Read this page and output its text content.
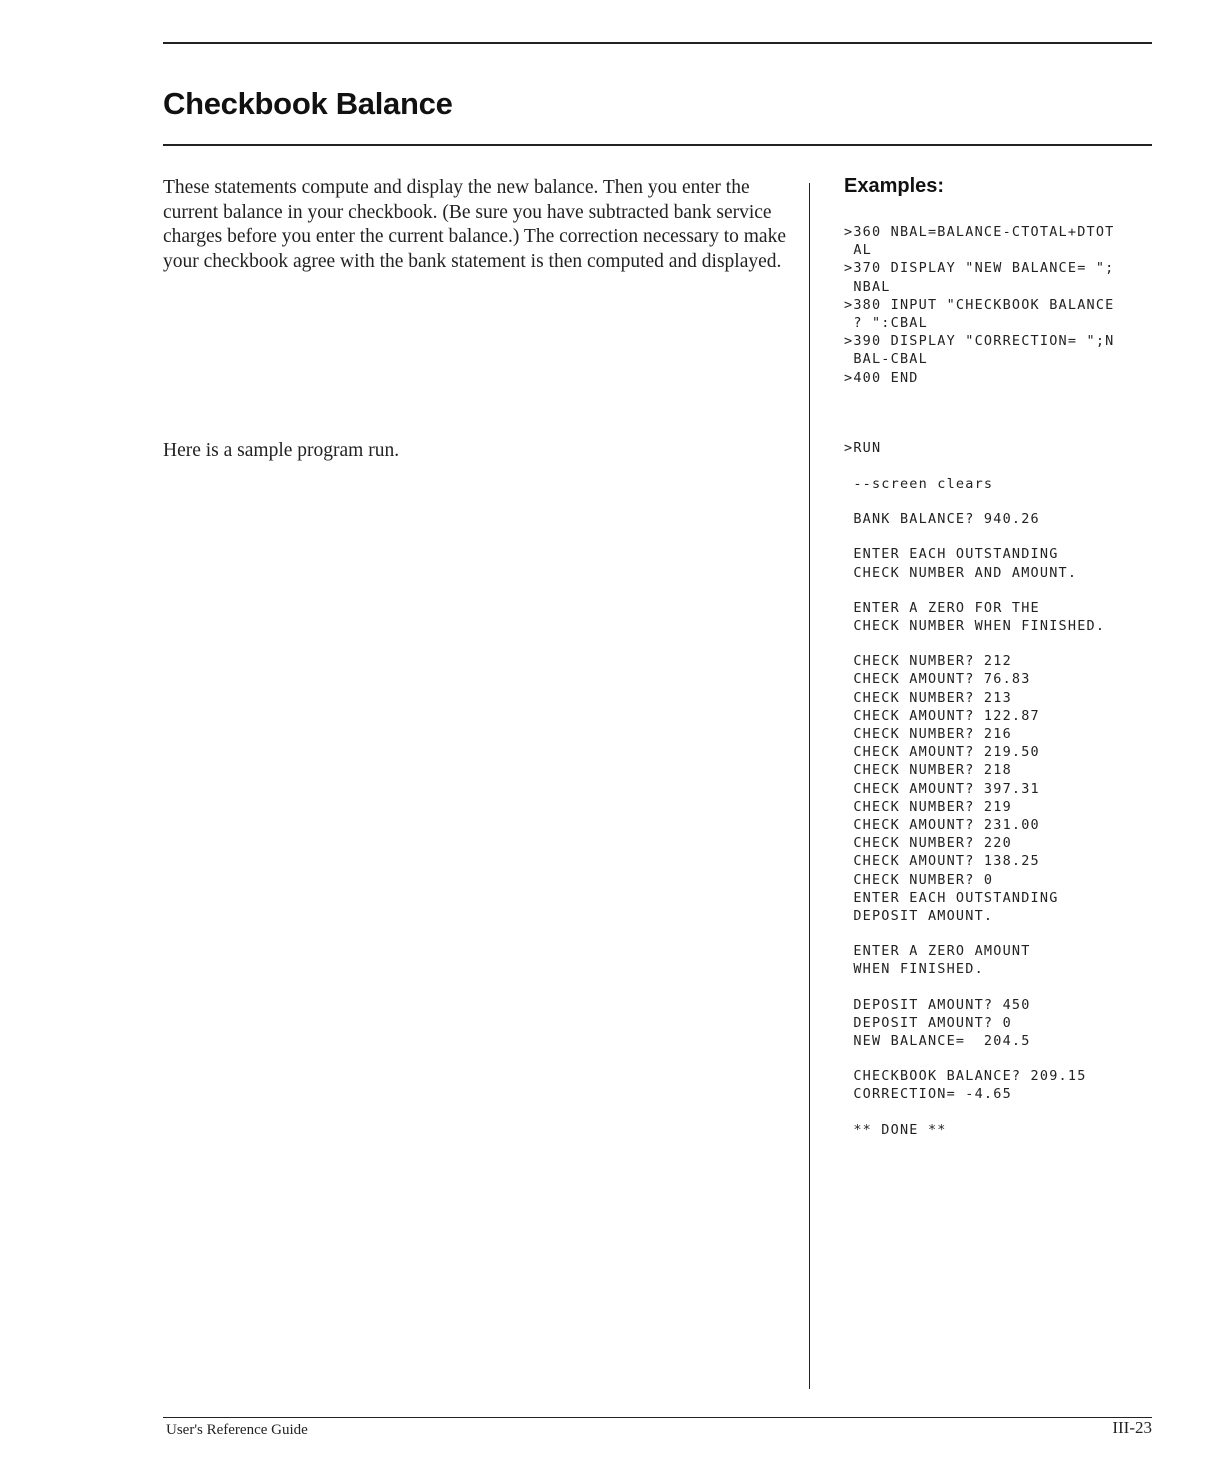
Checkbook Balance

These statements compute and display the new balance. Then you enter the current balance in your checkbook. (Be sure you have subtracted bank service charges before you enter the current balance.) The correction necessary to make your checkbook agree with the bank statement is then computed and displayed.

Here is a sample program run.

Examples:
>360 NBAL=BALANCE-CTOTAL+DTOT
AL
>370 DISPLAY "NEW BALANCE= ";
NBAL
>380 INPUT "CHECKBOOK BALANCE
? ":CBAL
>390 DISPLAY "CORRECTION= ";N
BAL-CBAL
>400 END
>RUN
--screen clears

BANK BALANCE? 940.26

ENTER EACH OUTSTANDING
CHECK NUMBER AND AMOUNT.

ENTER A ZERO FOR THE
CHECK NUMBER WHEN FINISHED.

CHECK NUMBER? 212
CHECK AMOUNT? 76.83
CHECK NUMBER? 213
CHECK AMOUNT? 122.87
CHECK NUMBER? 216
CHECK AMOUNT? 219.50
CHECK NUMBER? 218
CHECK AMOUNT? 397.31
CHECK NUMBER? 219
CHECK AMOUNT? 231.00
CHECK NUMBER? 220
CHECK AMOUNT? 138.25
CHECK NUMBER? 0
ENTER EACH OUTSTANDING
DEPOSIT AMOUNT.

ENTER A ZERO AMOUNT
WHEN FINISHED.

DEPOSIT AMOUNT? 450
DEPOSIT AMOUNT? 0
NEW BALANCE=  204.5

CHECKBOOK BALANCE? 209.15
CORRECTION= -4.65

** DONE **

User's Reference Guide	III-23
